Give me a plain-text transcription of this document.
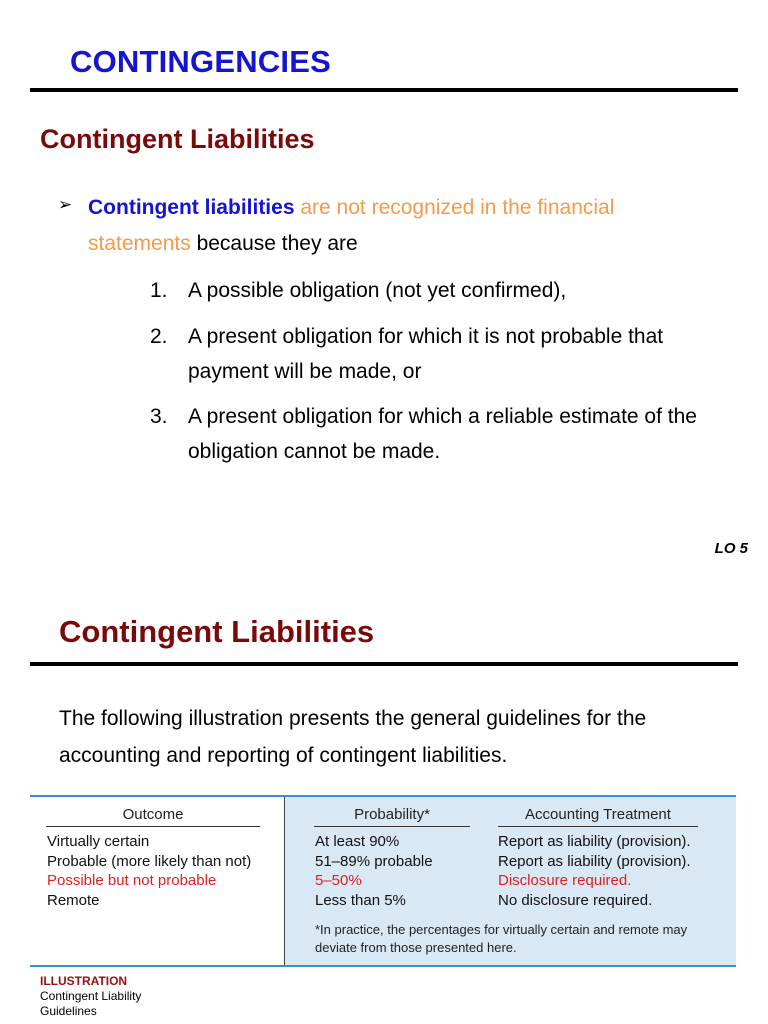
CONTINGENCIES
Contingent Liabilities
➢ Contingent liabilities are not recognized in the financial
statements because they are
1. A possible obligation (not yet confirmed),
2. A present obligation for which it is not probable that payment will be made, or
3. A present obligation for which a reliable estimate of the obligation cannot be made.
LO 5
Contingent Liabilities
The following illustration presents the general guidelines for the accounting and reporting of contingent liabilities.
Outcome
Virtually certain
Probable (more likely than not)
Possible but not probable
Remote
Probability*	Accounting Treatment
At least 90%
51–89% probable
5–50%
Less than 5%
Report as liability (provision).
Report as liability (provision).
Disclosure required.
No disclosure required.
*In practice, the percentages for virtually certain and remote may deviate from those presented here.
ILLUSTRATION
Contingent Liability
Guidelines
